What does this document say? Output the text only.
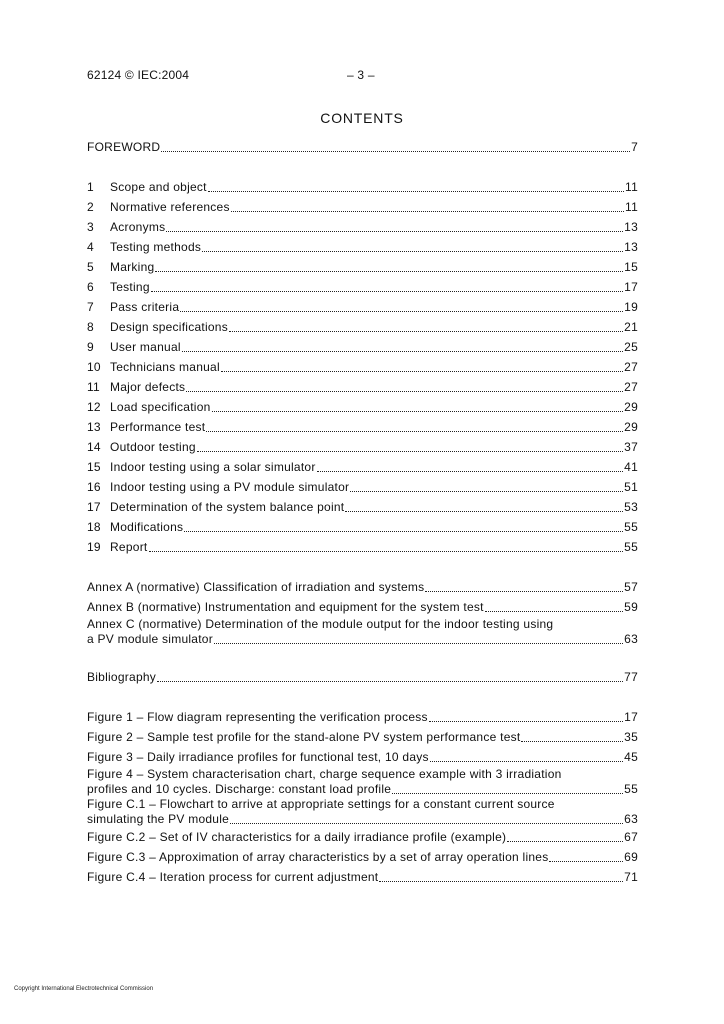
62124 © IEC:2004	– 3 –
CONTENTS
FOREWORD	7
1	Scope and object	11
2	Normative references	11
3	Acronyms	13
4	Testing methods	13
5	Marking	15
6	Testing	17
7	Pass criteria	19
8	Design specifications	21
9	User manual	25
10 Technicians manual	27
11 Major defects	27
12 Load specification	29
13 Performance test	29
14 Outdoor testing	37
15 Indoor testing using a solar simulator	41
16 Indoor testing using a PV module simulator	51
17 Determination of the system balance point	53
18 Modifications	55
19 Report	55
Annex A (normative) Classification of irradiation and systems	57
Annex B (normative) Instrumentation and equipment for the system test	59
Annex C (normative) Determination of the module output for the indoor testing using
a PV module simulator	63
Bibliography	77
Figure 1 – Flow diagram representing the verification process	17
Figure 2 – Sample test profile for the stand-alone PV system performance test	35
Figure 3 – Daily irradiance profiles for functional test, 10 days	45
Figure 4 – System characterisation chart, charge sequence example with 3 irradiation
profiles and 10 cycles. Discharge: constant load profile	55
Figure C.1 – Flowchart to arrive at appropriate settings for a constant current source
simulating the PV module	63
Figure C.2 – Set of IV characteristics for a daily irradiance profile (example)	67
Figure C.3 – Approximation of array characteristics by a set of array operation lines	69
Figure C.4 – Iteration process for current adjustment	71
Copyright International Electrotechnical Commission
